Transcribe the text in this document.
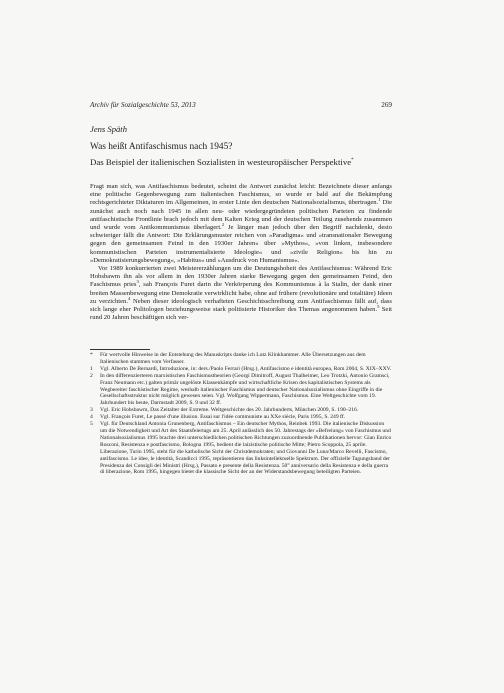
Archiv für Sozialgeschichte 53, 2013	269
Jens Späth
Was heißt Antifaschismus nach 1945?
Das Beispiel der italienischen Sozialisten in westeuropäischer Perspektive*

Fragt man sich, was Antifaschismus bedeutet, scheint die Antwort zunächst leicht: Bezeichnete dieser anfangs eine politische Gegenbewegung zum italienischen Faschismus, so wurde er bald auf die Bekämpfung rechtsgerichteter Diktaturen im Allgemeinen, in erster Linie den deutschen Nationalsozialismus, übertragen.$^1$ Die zunächst auch noch nach 1945 in allen neu- oder wiedergegründeten politischen Parteien zu findende antifaschistische Frontlinie brach jedoch mit dem Kalten Krieg und der deutschen Teilung zusehends zusammen und wurde vom Antikommunismus überlagert.$^2$ Je länger man jedoch über den Begriff nachdenkt, desto schwieriger fällt die Antwort: Die Erklärungsmuster reichen von »Paradigma« und »transnationaler Bewegung gegen den gemeinsamen Feind in den 1930er Jahren« über »Mythos«, »von linken, insbesondere kommunistischen Parteien instrumentalisierte Ideologie« und »zivile Religion« bis hin zu »Demokratisierungsbewegung«, »Habitus« und »Ausdruck von Humanismus«.

Vor 1989 konkurrierten zwei Meistererzählungen um die Deutungshoheit des Antifaschismus: Während Eric Hobsbawm ihn als vor allem in den 1930er Jahren starke Bewegung gegen den gemeinsamen Feind, den Faschismus pries$^3$, sah François Furet darin die Verkörperung des Kommunismus à la Stalin, der dank einer breiten Massenbewegung eine Demokratie verwirklicht habe, ohne auf frühere (revolutionäre und totalitäre) Ideen zu verzichten.$^4$ Neben dieser ideologisch verhafteten Geschichtsschreibung zum Antifaschismus fällt auf, dass sich lange eher Politologen beziehungsweise stark politisierte Historiker des Themas angenommen haben.$^5$ Seit rund 20 Jahren beschäftigen sich ver-

*	Für wertvolle Hinweise in der Entstehung des Manuskripts danke ich Lutz Klinkhammer. Alle Übersetzungen aus dem Italienischen stammen vom Verfasser.
1	Vgl. Alberto De Bernardi, Introduzione, in: ders./Paolo Ferrari (Hrsg.), Antifascismo e identità europea, Rom 2004, S. XIX–XXV.
2	In den differenzierteren marxistischen Faschismustheorien (Georgi Dimitroff, August Thalheimer, Leo Trotzki, Antonio Gramsci, Franz Neumann etc.) galten primär ungelöste Klassenkämpfe und wirtschaftliche Krisen des kapitalistischen Systems als Wegbereiter faschistischer Regime, weshalb italienischer Faschismus und deutscher Nationalsozialismus ohne Eingriffe in die Gesellschaftsstruktur nicht möglich gewesen seien. Vgl. Wolfgang Wippermann, Faschismus. Eine Weltgeschichte vom 19. Jahrhundert bis heute, Darmstadt 2009, S. 9 und 32 ff.
3	Vgl. Eric Hobsbawm, Das Zeitalter der Extreme. Weltgeschichte des 20. Jahrhunderts, München 2009, S. 190–216.
4	Vgl. François Furet, Le passé d'une illusion. Essai sur l'idée communiste au XXe siècle, Paris 1995, S. 249 ff.
5	Vgl. für Deutschland Antonia Grunenberg, Antifaschismus – Ein deutscher Mythos, Reinbek 1993. Die italienische Diskussion um die Notwendigkeit und Art des Staatsfeiertags am 25. April anlässlich des 50. Jahrestags der »Befreiung« von Faschismus und Nationalsozialismus 1995 brachte drei unterschiedlichen politischen Richtungen zuzuordnende Publikationen hervor: Gian Enrico Rusconi, Resistenza e postfascismo, Bologna 1995, bedient die laizistische politische Mitte; Pietro Scoppola, 25 aprile. Liberazione, Turin 1995, steht für die katholische Sicht der Christdemokraten; und Giovanni De Luna/Marco Revelli, Fascismo, antifascismo. Le idee, le identità, Scandicci 1995, repräsentieren das linksintellektuelle Spektrum. Der offizielle Tagungsband der Presidenza dei Consigli dei Ministri (Hrsg.), Passato e presente della Resistenza. 50° anniversario della Resistenza e della guerra di liberazione, Rom 1995, hingegen bietet die klassische Sicht der an der Widerstandsbewegung beteiligten Parteien.
